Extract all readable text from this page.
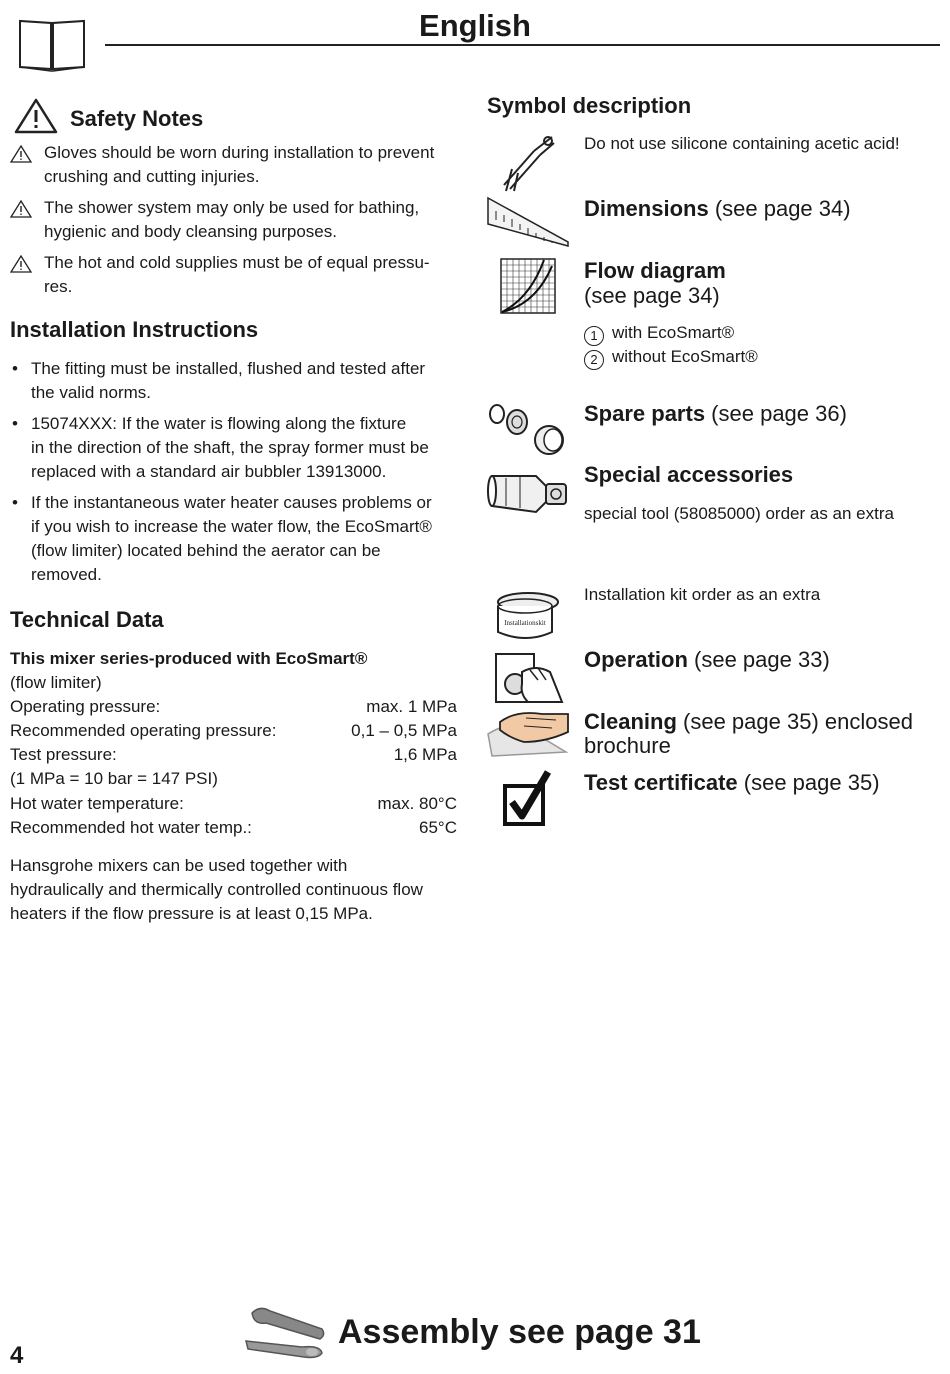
English
Safety Notes
Gloves should be worn during installation to prevent
crushing and cutting injuries.
The shower system may only be used for bathing,
hygienic and body cleansing purposes.
The hot and cold supplies must be of equal pressu-
res.
Installation Instructions
• The fitting must be installed, flushed and tested after
the valid norms.
• 15074XXX: If the water is flowing along the fixture
in the direction of the shaft, the spray former must be
replaced with a standard air bubbler 13913000.
• If the instantaneous water heater causes problems or
if you wish to increase the water flow, the EcoSmart®
(flow limiter) located behind the aerator can be
removed.
Technical Data
This mixer series-produced with EcoSmart®
(flow limiter)
Operating pressure:	max. 1 MPa
Recommended operating pressure:	0,1 – 0,5 MPa
Test pressure:	1,6 MPa
(1 MPa = 10 bar = 147 PSI)
Hot water temperature:	max. 80°C
Recommended hot water temp.:	65°C
Hansgrohe mixers can be used together with
hydraulically and thermically controlled continuous flow
heaters if the flow pressure is at least 0,15 MPa.
Symbol description
Do not use silicone containing acetic acid!
Dimensions (see page 34)
Flow diagram
(see page 34)
1 with EcoSmart®
2 without EcoSmart®
Spare parts (see page 36)
Special accessories
special tool (58085000) order as an extra
Installationskit
Installation kit order as an extra
Operation (see page 33)
Cleaning (see page 35) enclosed
brochure
Test certificate (see page 35)
4
Assembly see page 31
